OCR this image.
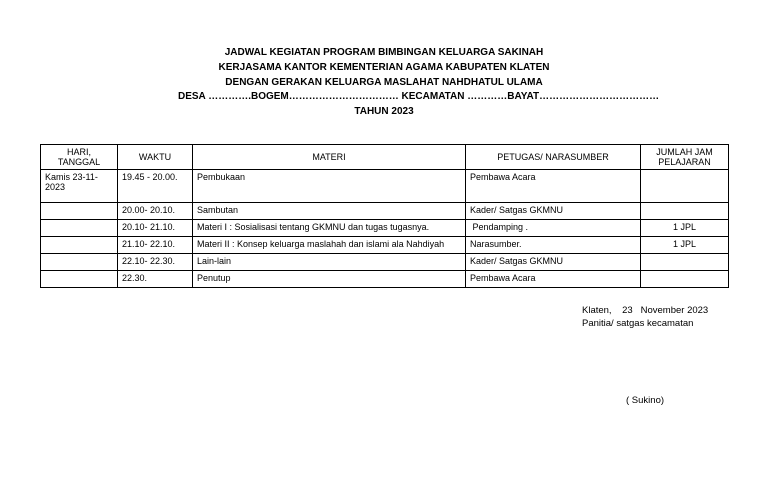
JADWAL KEGIATAN PROGRAM BIMBINGAN KELUARGA SAKINAH
KERJASAMA KANTOR KEMENTERIAN AGAMA KABUPATEN KLATEN
DENGAN GERAKAN KELUARGA MASLAHAT NAHDHATUL ULAMA
DESA ………….BOGEM…………………………… KECAMATAN …………BAYAT………………………………
TAHUN 2023
HARI, TANGGAL	WAKTU	MATERI	PETUGAS/ NARASUMBER	JUMLAH JAM PELAJARAN
Kamis 23-11-2023	19.45 - 20.00.	Pembukaan	Pembawa Acara	
	20.00- 20.10.	Sambutan	Kader/ Satgas GKMNU	
	20.10- 21.10.	Materi I : Sosialisasi tentang GKMNU dan tugas tugasnya.	Pendamping .	1 JPL
	21.10- 22.10.	Materi II : Konsep keluarga maslahah dan islami ala Nahdiyah	Narasumber.	1 JPL
	22.10- 22.30.	Lain-lain	Kader/ Satgas GKMNU	
	22.30.	Penutup	Pembawa Acara	
Klaten,    23   November 2023
Panitia/ satgas kecamatan
( Sukino)
